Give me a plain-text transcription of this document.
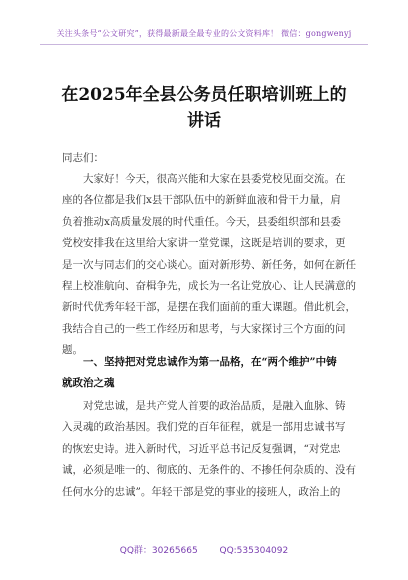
关注头条号“公文研究”，获得最新最全最专业的公文资料库！ 微信：gongwenyj
在2025年全县公务员任职培训班上的
讲话
同志们：
大家好！今天，很高兴能和大家在县委党校见面交流。在
座的各位都是我们x县干部队伍中的新鲜血液和骨干力量，肩
负着推动x高质量发展的时代重任。今天，县委组织部和县委
党校安排我在这里给大家讲一堂党课，这既是培训的要求，更
是一次与同志们的交心谈心。面对新形势、新任务，如何在新任
程上校准航向、奋楫争先，成长为一名让党放心、让人民满意的
新时代优秀年轻干部，是摆在我们面前的重大课题。借此机会，
我结合自己的一些工作经历和思考，与大家探讨三个方面的问
题。
一、坚持把对党忠诚作为第一品格，在“两个维护”中铸
就政治之魂
对党忠诚，是共产党人首要的政治品质，是融入血脉、铸
入灵魂的政治基因。我们党的百年征程，就是一部用忠诚书写
的恢宏史诗。进入新时代，习近平总书记反复强调，“对党忠
诚，必须是唯一的、彻底的、无条件的、不掺任何杂质的、没有
任何水分的忠诚”。年轻干部是党的事业的接班人，政治上的
QQ群：30265665 QQ:535304092
